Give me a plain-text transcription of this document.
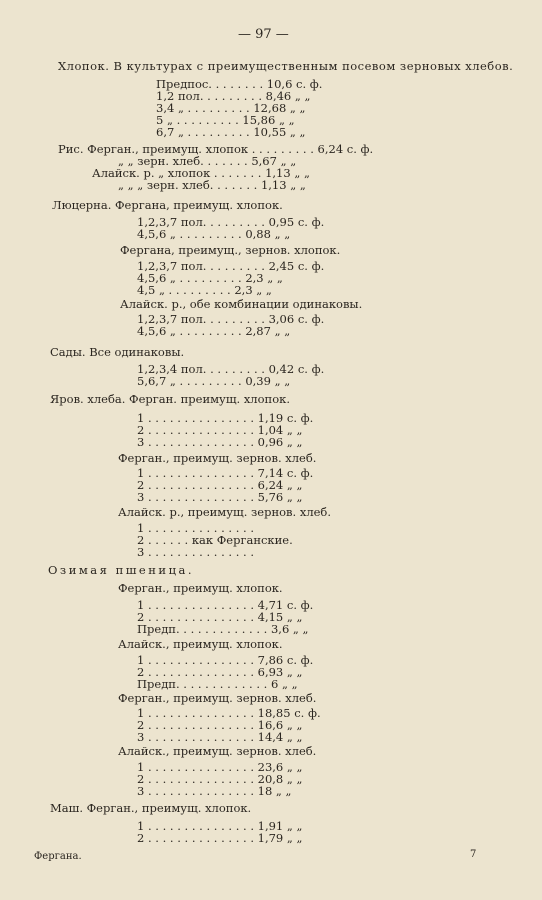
— 97 —
Хлопок. В культурах с преимущественным посевом зерновых хлебов.
Предпос. . . . . . . . 10,6 с. ф.
1,2 пол. . . . . . . . . 8,46 „ „
3,4 „ . . . . . . . . . 12,68 „ „
5 „ . . . . . . . . . 15,86 „ „
6,7 „ . . . . . . . . . 10,55 „ „
Рис. Ферган., преимущ. хлопок . . . . . . . . . 6,24 с. ф.
„ „ зерн. хлеб. . . . . . . 5,67 „ „
Алайск. р. „ хлопок . . . . . . . 1,13 „ „
„ „ „ зерн. хлеб. . . . . . . 1,13 „ „
Люцерна. Фергана, преимущ. хлопок.
1,2,3,7 пол. . . . . . . . . 0,95 с. ф.
4,5,6 „ . . . . . . . . . 0,88 „ „
Фергана, преимущ., зернов. хлопок.
1,2,3,7 пол. . . . . . . . . 2,45 с. ф.
4,5,6 „ . . . . . . . . . 2,3 „ „
4,5 „ . . . . . . . . . 2,3 „ „
Алайск. р., обе комбинации одинаковы.
1,2,3,7 пол. . . . . . . . . 3,06 с. ф.
4,5,6 „ . . . . . . . . . 2,87 „ „
Сады. Все одинаковы.
1,2,3,4 пол. . . . . . . . . 0,42 с. ф.
5,6,7 „ . . . . . . . . . 0,39 „ „
Яров. хлеба. Ферган. преимущ. хлопок.
1 . . . . . . . . . . . . . . . 1,19 с. ф.
2 . . . . . . . . . . . . . . . 1,04 „ „
3 . . . . . . . . . . . . . . . 0,96 „ „
Ферган., преимущ. зернов. хлеб.
1 . . . . . . . . . . . . . . . 7,14 с. ф.
2 . . . . . . . . . . . . . . . 6,24 „ „
3 . . . . . . . . . . . . . . . 5,76 „ „
Алайск. р., преимущ. зернов. хлеб.
1 . . . . . . . . . . . . . . .
2 . . . . . . как Ферганские.
3 . . . . . . . . . . . . . . .
Озимая пшеница.
Ферган., преимущ. хлопок.
1 . . . . . . . . . . . . . . . 4,71 с. ф.
2 . . . . . . . . . . . . . . . 4,15 „ „
Предп. . . . . . . . . . . . . 3,6 „ „
Алайск., преимущ. хлопок.
1 . . . . . . . . . . . . . . . 7,86 с. ф.
2 . . . . . . . . . . . . . . . 6,93 „ „
Предп. . . . . . . . . . . . . 6 „ „
Ферган., преимущ. зернов. хлеб.
1 . . . . . . . . . . . . . . . 18,85 с. ф.
2 . . . . . . . . . . . . . . . 16,6 „ „
3 . . . . . . . . . . . . . . . 14,4 „ „
Алайск., преимущ. зернов. хлеб.
1 . . . . . . . . . . . . . . . 23,6 „ „
2 . . . . . . . . . . . . . . . 20,8 „ „
3 . . . . . . . . . . . . . . . 18 „ „
Маш. Ферган., преимущ. хлопок.
1 . . . . . . . . . . . . . . . 1,91 „ „
2 . . . . . . . . . . . . . . . 1,79 „ „
Фергана.	7
